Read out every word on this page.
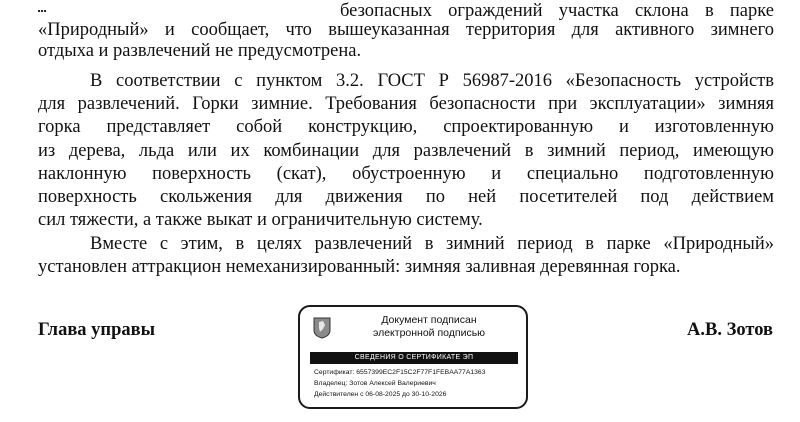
безопасных ограждений участка склона в парке
«Природный» и сообщает, что вышеуказанная территория для активного зимнего
отдыха и развлечений не предусмотрена.
В соответствии с пунктом 3.2. ГОСТ Р 56987-2016 «Безопасность устройств
для развлечений. Горки зимние. Требования безопасности при эксплуатации» зимняя
горка представляет собой конструкцию, спроектированную и изготовленную
из дерева, льда или их комбинации для развлечений в зимний период, имеющую
наклонную поверхность (скат), обустроенную и специально подготовленную
поверхность скольжения для движения по ней посетителей под действием
сил тяжести, а также выкат и ограничительную систему.
Вместе с этим, в целях развлечений в зимний период в парке «Природный»
установлен аттракцион немеханизированный: зимняя заливная деревянная горка.
Глава управы	А.В. Зотов
Документ подписан
электронной подписью
СВЕДЕНИЯ О СЕРТИФИКАТЕ ЭП
Сертификат: 6557399EC2F15C2F77F1FEBAA77A1363
Владелец: Зотов Алексей Валериевич
Действителен с 06-08-2025 до 30-10-2026
